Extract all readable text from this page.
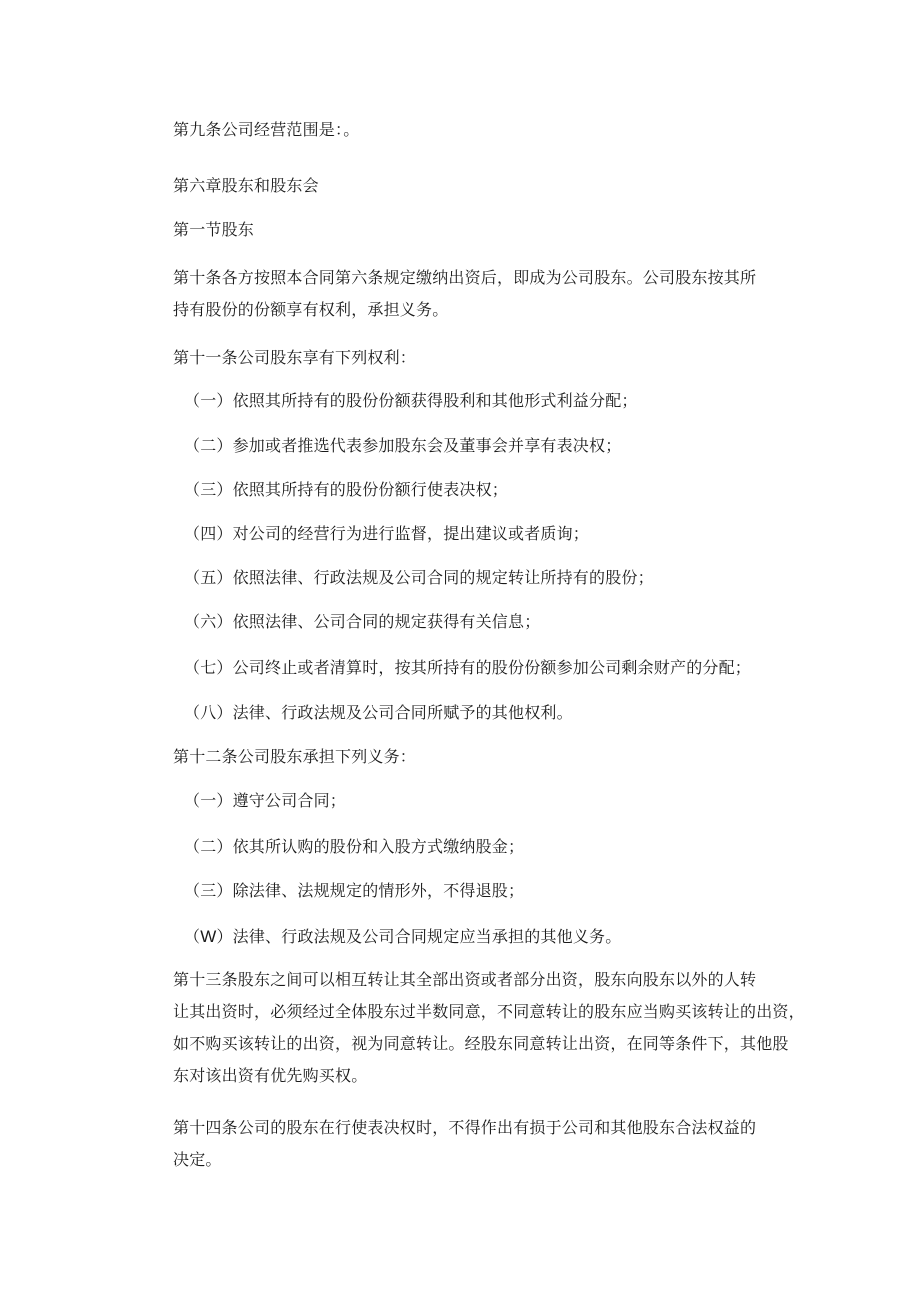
第九条公司经营范围是：。

第六章股东和股东会

第一节股东

第十条各方按照本合同第六条规定缴纳出资后，即成为公司股东。公司股东按其所
持有股份的份额享有权利，承担义务。

第十一条公司股东享有下列权利：

（一）依照其所持有的股份份额获得股利和其他形式利益分配；

（二）参加或者推选代表参加股东会及董事会并享有表决权；

（三）依照其所持有的股份份额行使表决权；

（四）对公司的经营行为进行监督，提出建议或者质询；

（五）依照法律、行政法规及公司合同的规定转让所持有的股份；

（六）依照法律、公司合同的规定获得有关信息；

（七）公司终止或者清算时，按其所持有的股份份额参加公司剩余财产的分配；

（八）法律、行政法规及公司合同所赋予的其他权利。

第十二条公司股东承担下列义务：

（一）遵守公司合同；

（二）依其所认购的股份和入股方式缴纳股金；

（三）除法律、法规规定的情形外，不得退股；

（W）法律、行政法规及公司合同规定应当承担的其他义务。

第十三条股东之间可以相互转让其全部出资或者部分出资，股东向股东以外的人转
让其出资时，必须经过全体股东过半数同意，不同意转让的股东应当购买该转让的出资，
如不购买该转让的出资，视为同意转让。经股东同意转让出资，在同等条件下，其他股
东对该出资有优先购买权。
第十四条公司的股东在行使表决权时，不得作出有损于公司和其他股东合法权益的
决定。
